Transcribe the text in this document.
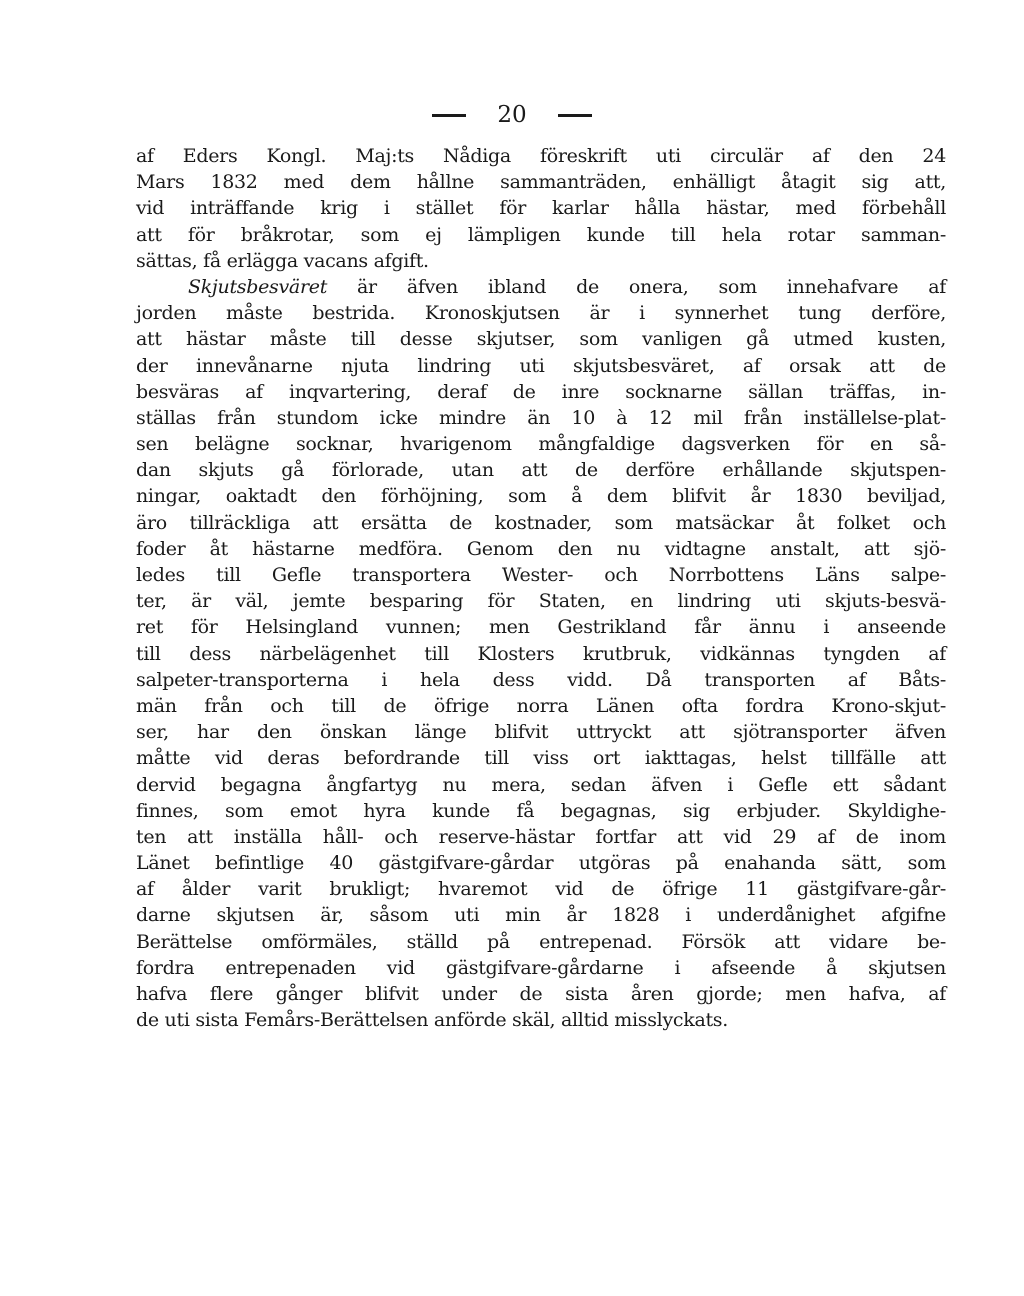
20
af Eders Kongl. Maj:ts Nådiga föreskrift uti circulär af den 24
Mars 1832 med dem hållne sammanträden, enhälligt åtagit sig att,
vid inträffande krig i stället för karlar hålla hästar, med förbehåll
att för bråkrotar, som ej lämpligen kunde till hela rotar samman-
sättas, få erlägga vacans afgift.
Skjutsbesväret är äfven ibland de onera, som innehafvare af
jorden måste bestrida. Kronoskjutsen är i synnerhet tung derföre,
att hästar måste till desse skjutser, som vanligen gå utmed kusten,
der innevånarne njuta lindring uti skjutsbesväret, af orsak att de
besväras af inqvartering, deraf de inre socknarne sällan träffas, in-
ställas från stundom icke mindre än 10 à 12 mil från inställelse-plat-
sen belägne socknar, hvarigenom mångfaldige dagsverken för en så-
dan skjuts gå förlorade, utan att de derföre erhållande skjutspen-
ningar, oaktadt den förhöjning, som å dem blifvit år 1830 beviljad,
äro tillräckliga att ersätta de kostnader, som matsäckar åt folket och
foder åt hästarne medföra. Genom den nu vidtagne anstalt, att sjö-
ledes till Gefle transportera Wester- och Norrbottens Läns salpe-
ter, är väl, jemte besparing för Staten, en lindring uti skjuts-besvä-
ret för Helsingland vunnen; men Gestrikland får ännu i anseende
till dess närbelägenhet till Klosters krutbruk, vidkännas tyngden af
salpeter-transporterna i hela dess vidd. Då transporten af Båts-
män från och till de öfrige norra Länen ofta fordra Krono-skjut-
ser, har den önskan länge blifvit uttryckt att sjötransporter äfven
måtte vid deras befordrande till viss ort iakttagas, helst tillfälle att
dervid begagna ångfartyg nu mera, sedan äfven i Gefle ett sådant
finnes, som emot hyra kunde få begagnas, sig erbjuder. Skyldighe-
ten att inställa håll- och reserve-hästar fortfar att vid 29 af de inom
Länet befintlige 40 gästgifvare-gårdar utgöras på enahanda sätt, som
af ålder varit brukligt; hvaremot vid de öfrige 11 gästgifvare-går-
darne skjutsen är, såsom uti min år 1828 i underdånighet afgifne
Berättelse omförmäles, ställd på entrepenad. Försök att vidare be-
fordra entrepenaden vid gästgifvare-gårdarne i afseende å skjutsen
hafva flere gånger blifvit under de sista åren gjorde; men hafva, af
de uti sista Femårs-Berättelsen anförde skäl, alltid misslyckats.
